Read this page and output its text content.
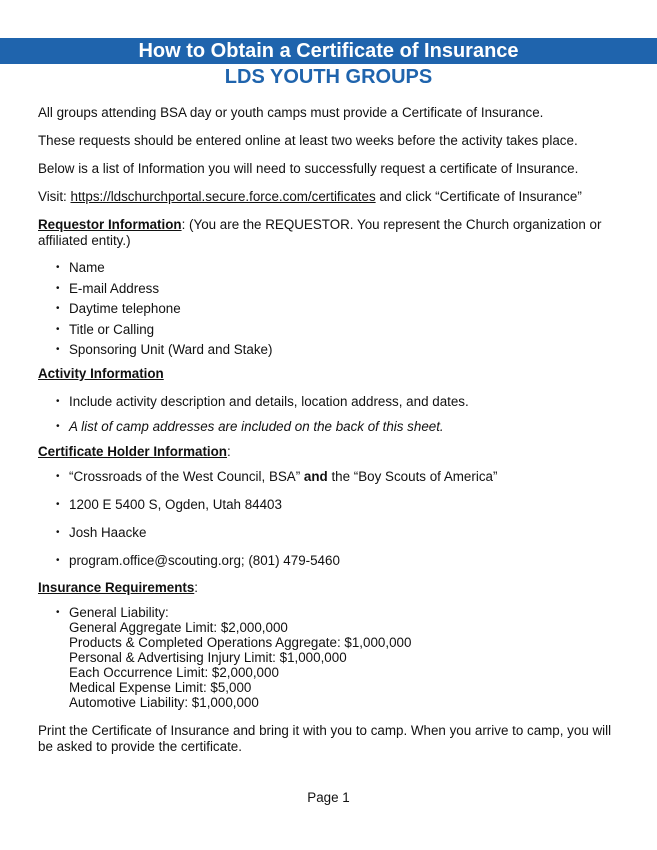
How to Obtain a Certificate of Insurance
LDS YOUTH GROUPS

All groups attending BSA day or youth camps must provide a Certificate of Insurance.

These requests should be entered online at least two weeks before the activity takes place.

Below is a list of Information you will need to successfully request a certificate of Insurance.

Visit: https://ldschurchportal.secure.force.com/certificates and click “Certificate of Insurance”

Requestor Information: (You are the REQUESTOR. You represent the Church organization or affiliated entity.)

• Name
• E-mail Address
• Daytime telephone
• Title or Calling
• Sponsoring Unit (Ward and Stake)

Activity Information

• Include activity description and details, location address, and dates.
• A list of camp addresses are included on the back of this sheet.

Certificate Holder Information:

• “Crossroads of the West Council, BSA” and the “Boy Scouts of America”
• 1200 E 5400 S, Ogden, Utah 84403
• Josh Haacke
• program.office@scouting.org; (801) 479-5460

Insurance Requirements:

• General Liability:
General Aggregate Limit: $2,000,000
Products & Completed Operations Aggregate: $1,000,000
Personal & Advertising Injury Limit: $1,000,000
Each Occurrence Limit: $2,000,000
Medical Expense Limit: $5,000
Automotive Liability: $1,000,000

Print the Certificate of Insurance and bring it with you to camp. When you arrive to camp, you will be asked to provide the certificate.

Page 1
